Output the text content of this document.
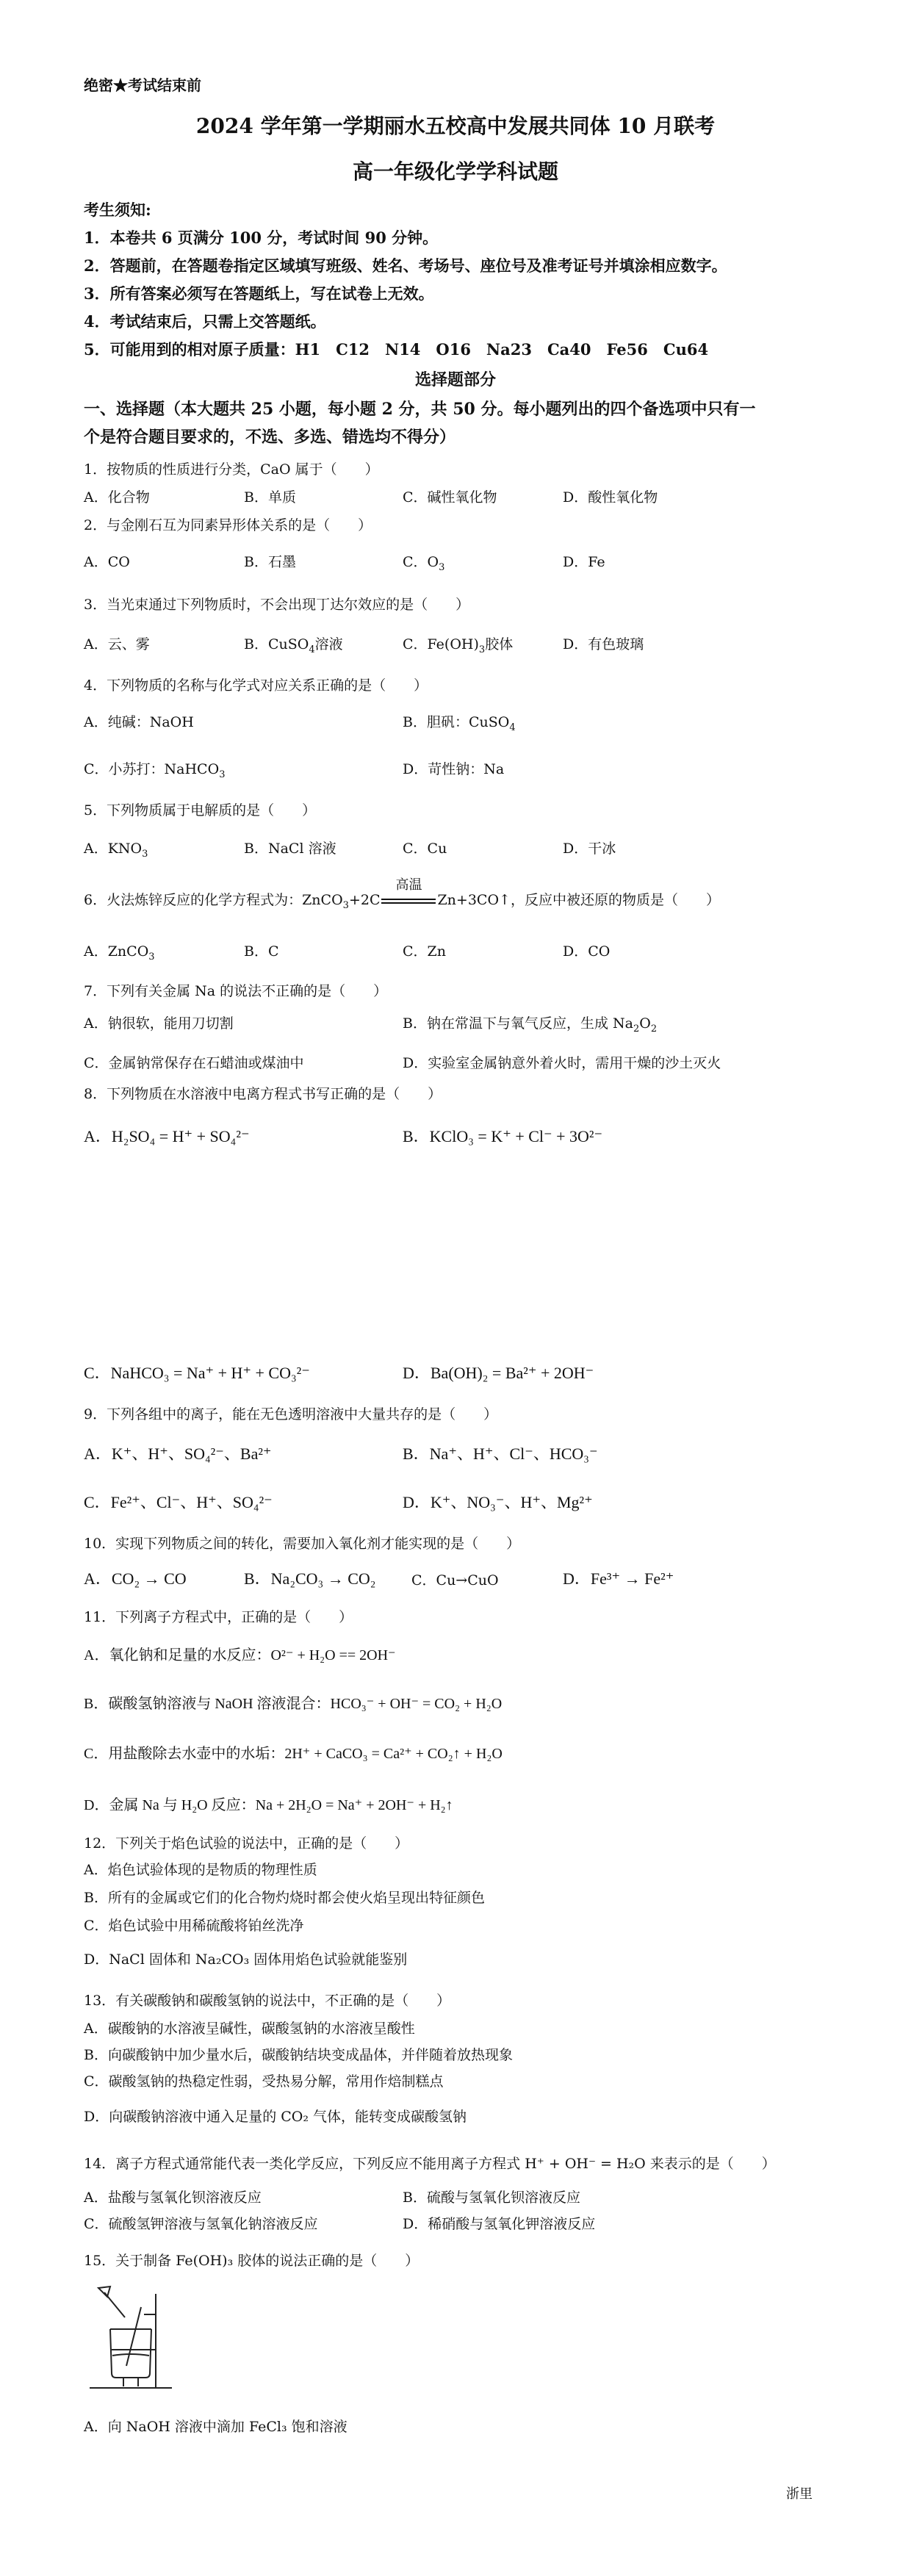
绝密★考试结束前
2024 学年第一学期丽水五校高中发展共同体 10 月联考
高一年级化学学科试题
考生须知:
1．本卷共 6 页满分 100 分，考试时间 90 分钟。
2．答题前，在答题卷指定区域填写班级、姓名、考场号、座位号及准考证号并填涂相应数字。
3．所有答案必须写在答题纸上，写在试卷上无效。
4．考试结束后，只需上交答题纸。
5．可能用到的相对原子质量：H1　C12　N14　O16　Na23　Ca40　Fe56　Cu64
选择题部分
一、选择题（本大题共 25 小题，每小题 2 分，共 50 分。每小题列出的四个备选项中只有一
个是符合题目要求的，不选、多选、错选均不得分）
1．按物质的性质进行分类，CaO 属于（　　）
A．化合物	B．单质	C．碱性氧化物	D．酸性氧化物
2．与金刚石互为同素异形体关系的是（　　）
A．CO	B．石墨	C．$O_3$	D．Fe
3．当光束通过下列物质时，不会出现丁达尔效应的是（　　）
A．云、雾	B．CuSO$_4$溶液	C．$Fe(OH)_3$胶体	D．有色玻璃
4．下列物质的名称与化学式对应关系正确的是（　　）
A．纯碱：NaOH	B．胆矾：CuSO$_4$
C．小苏打：NaHCO$_3$	D．苛性钠：Na
5．下列物质属于电解质的是（　　）
A．$KNO_3$	B．NaCl 溶液	C．Cu	D．干冰
6．火法炼锌反应的化学方程式为：ZnCO$_3$+2C
高温
Zn+3CO↑，反应中被还原的物质是（　　）
A．ZnCO$_3$	B．C	C．Zn	D．CO
7．下列有关金属 Na 的说法不正确的是（　　）
A．钠很软，能用刀切割	B．钠在常温下与氧气反应，生成 $Na_2O_2$
C．金属钠常保存在石蜡油或煤油中	D．实验室金属钠意外着火时，需用干燥的沙土灭火
8．下列物质在水溶液中电离方程式书写正确的是（　　）
A．H₂SO₄ = H⁺ + SO₄²⁻	B．KClO₃ = K⁺ + Cl⁻ + 3O²⁻
C．NaHCO₃ = Na⁺ + H⁺ + CO₃²⁻	D．Ba(OH)₂ = Ba²⁺ + 2OH⁻
9．下列各组中的离子，能在无色透明溶液中大量共存的是（　　）
A．K⁺、H⁺、SO₄²⁻、Ba²⁺	B．Na⁺、H⁺、Cl⁻、HCO₃⁻
C．Fe²⁺、Cl⁻、H⁺、SO₄²⁻	D．K⁺、NO₃⁻、H⁺、Mg²⁺
10．实现下列物质之间的转化，需要加入氧化剂才能实现的是（　　）
A．CO₂ → CO	B．Na₂CO₃ → CO₂	C．Cu→CuO	D．Fe³⁺ → Fe²⁺
11．下列离子方程式中，正确的是（　　）
A．氧化钠和足量的水反应：O²⁻ + H₂O == 2OH⁻
B．碳酸氢钠溶液与 NaOH 溶液混合：HCO₃⁻ + OH⁻ = CO₂ + H₂O
C．用盐酸除去水壶中的水垢：2H⁺ + CaCO₃ = Ca²⁺ + CO₂↑ + H₂O
D．金属 Na 与 H₂O 反应：Na + 2H₂O = Na⁺ + 2OH⁻ + H₂↑
12．下列关于焰色试验的说法中，正确的是（　　）
A．焰色试验体现的是物质的物理性质
B．所有的金属或它们的化合物灼烧时都会使火焰呈现出特征颜色
C．焰色试验中用稀硫酸将铂丝洗净
D．NaCl 固体和 Na₂CO₃ 固体用焰色试验就能鉴别
13．有关碳酸钠和碳酸氢钠的说法中，不正确的是（　　）
A．碳酸钠的水溶液呈碱性，碳酸氢钠的水溶液呈酸性
B．向碳酸钠中加少量水后，碳酸钠结块变成晶体，并伴随着放热现象
C．碳酸氢钠的热稳定性弱，受热易分解，常用作焙制糕点
D．向碳酸钠溶液中通入足量的 CO₂ 气体，能转变成碳酸氢钠
14．离子方程式通常能代表一类化学反应，下列反应不能用离子方程式 H⁺ + OH⁻ = H₂O 来表示的是（　　）
A．盐酸与氢氧化钡溶液反应	B．硫酸与氢氧化钡溶液反应
C．硫酸氢钾溶液与氢氧化钠溶液反应	D．稀硝酸与氢氧化钾溶液反应
15．关于制备 Fe(OH)₃ 胶体的说法正确的是（　　）
A．向 NaOH 溶液中滴加 FeCl₃ 饱和溶液
浙里
